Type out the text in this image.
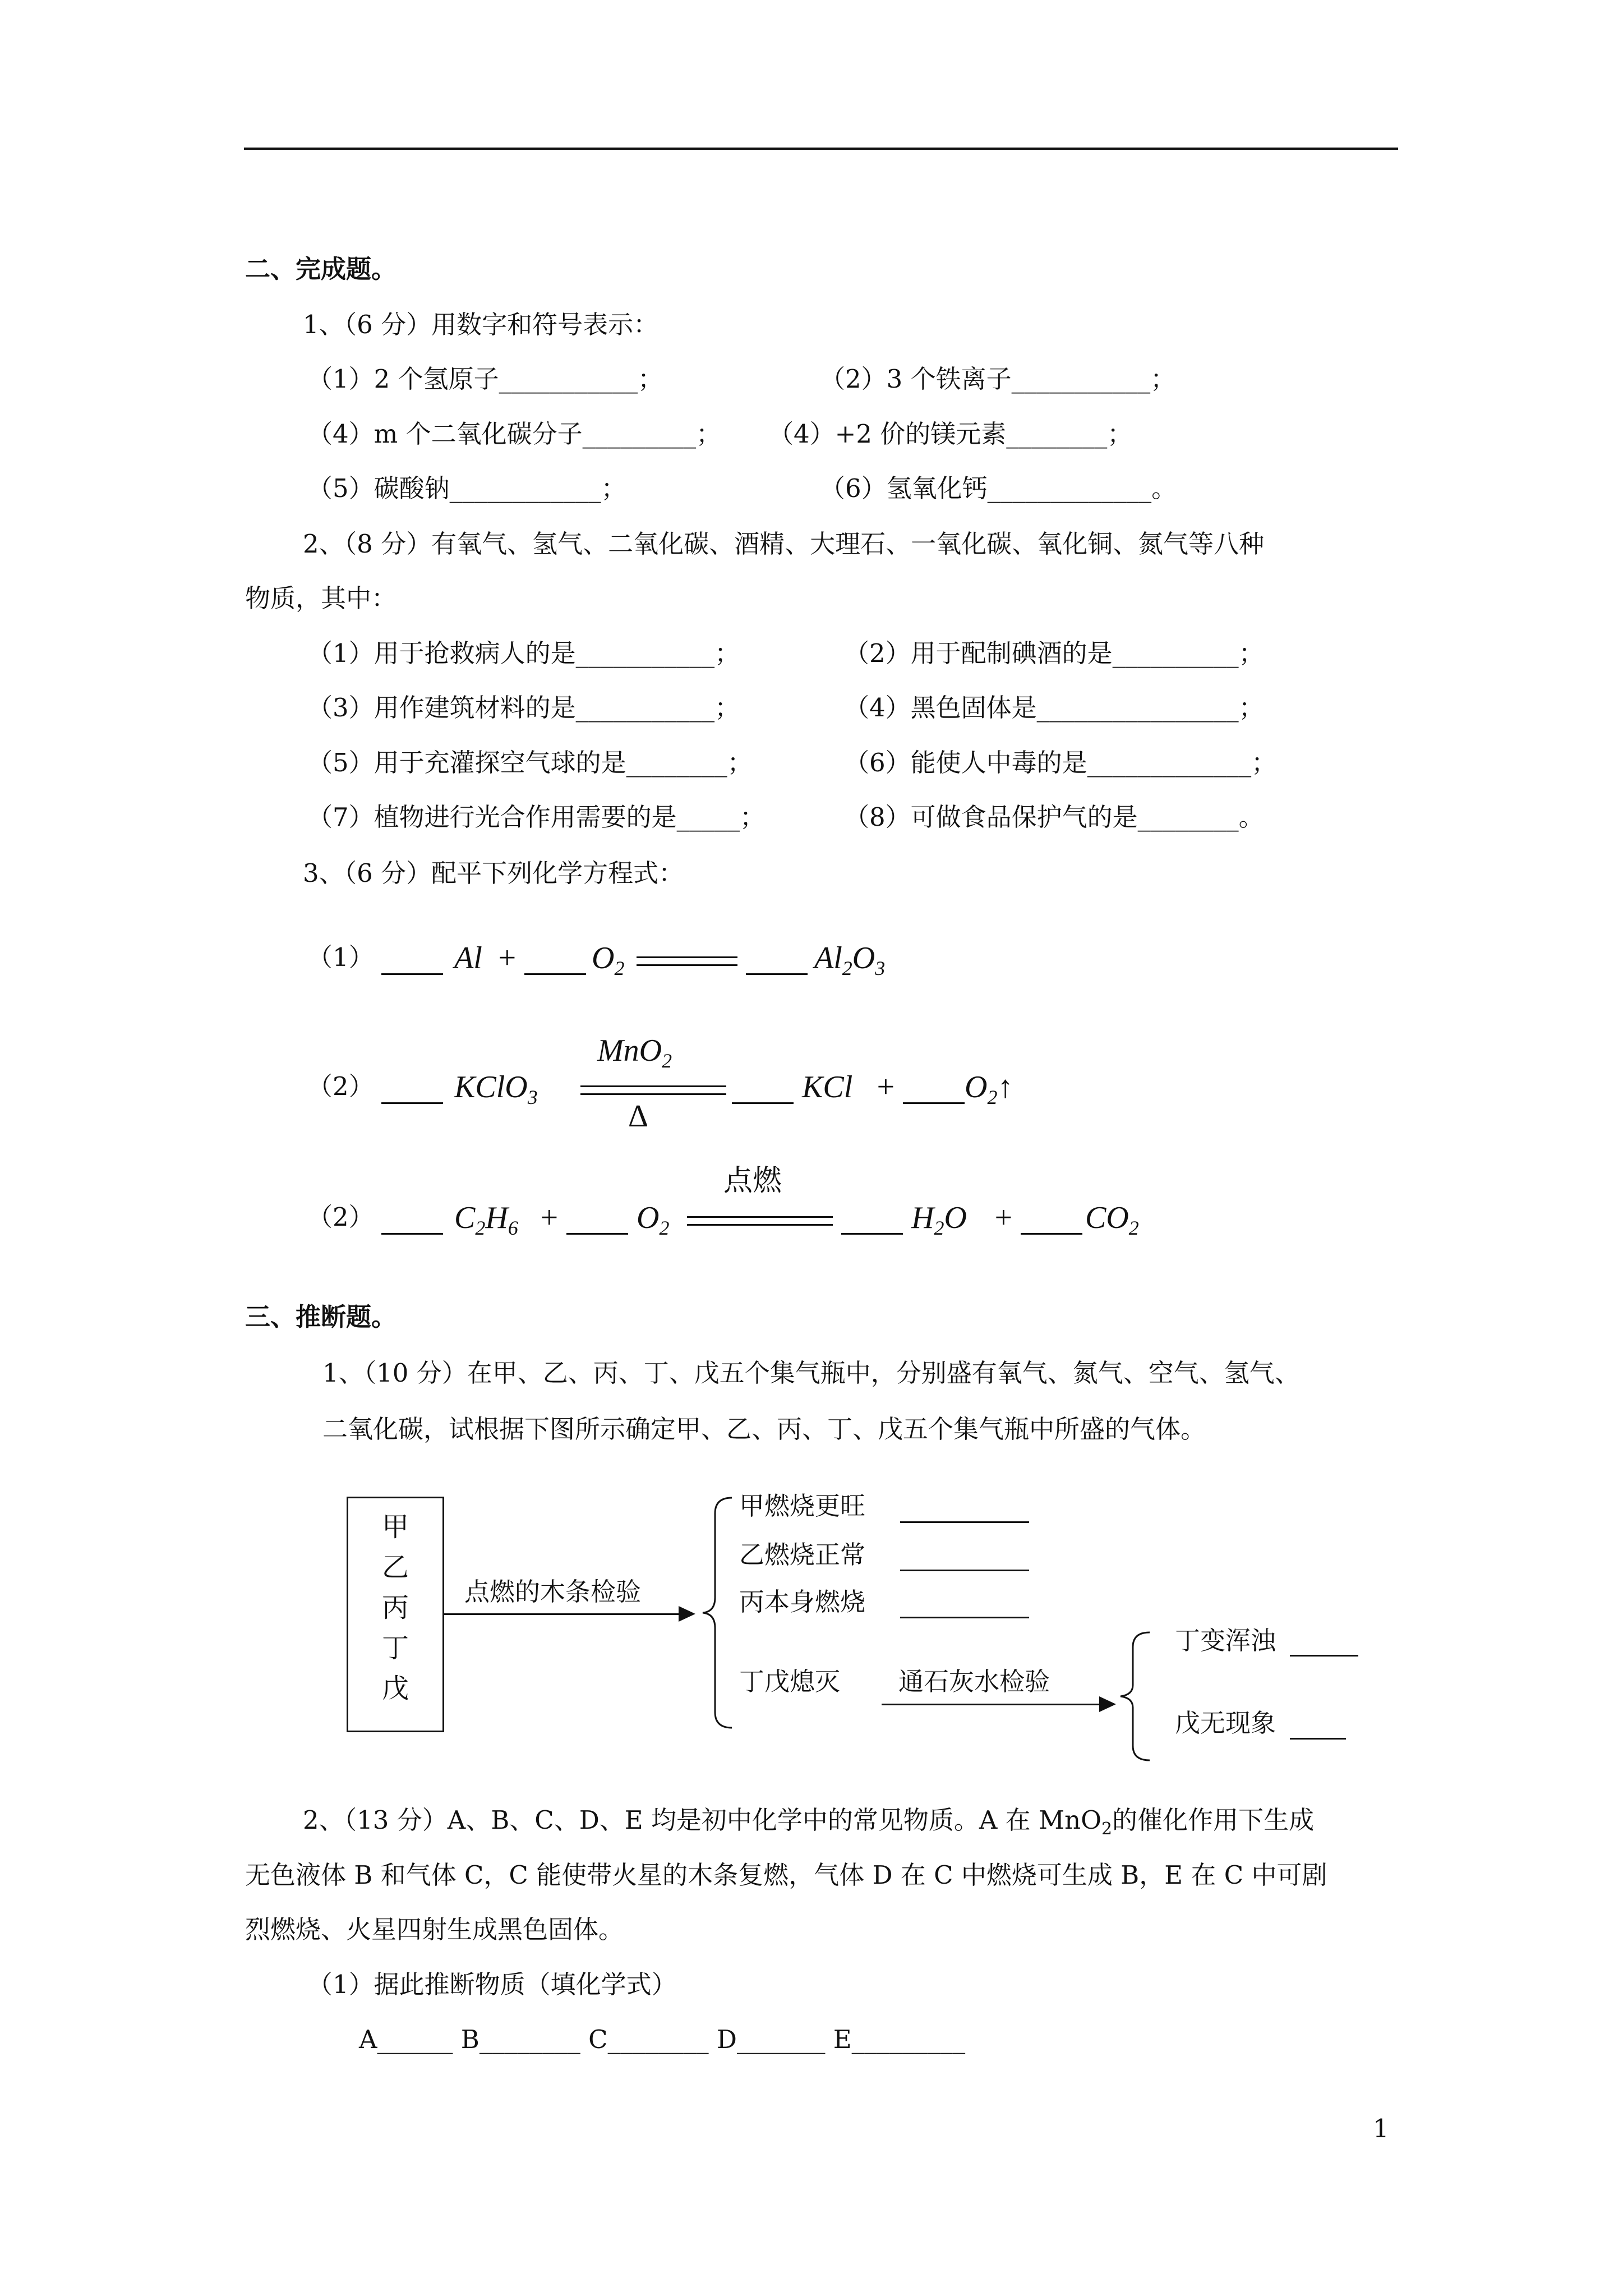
二、完成题。
1、（6 分）用数字和符号表示：
（1）2 个氢原子___________；	（2）3 个铁离子___________；
（4）m 个二氧化碳分子_________； （4）+2 价的镁元素________；
（5）碳酸钠____________；	（6）氢氧化钙_____________。
2、（8 分）有氧气、氢气、二氧化碳、酒精、大理石、一氧化碳、氧化铜、氮气等八种
物质，其中：
（1）用于抢救病人的是___________；	（2）用于配制碘酒的是__________；
（3）用作建筑材料的是___________；	（4）黑色固体是________________；
（5）用于充灌探空气球的是________；	（6）能使人中毒的是_____________；
（7）植物进行光合作用需要的是_____；	（8）可做食品保护气的是________。
3、（6 分）配平下列化学方程式：
（1）	$Al + O_2$	$Al_2O_3$
（2）	KClO$_3$
MnO$_2$
Δ
KCl + $O_2↑$
（2）	$C_2H_6 + O_2$
点燃
$H_2O + CO_2$
三、推断题。
1、（10 分）在甲、乙、丙、丁、戊五个集气瓶中，分别盛有氧气、氮气、空气、氢气、
二氧化碳，试根据下图所示确定甲、乙、丙、丁、戊五个集气瓶中所盛的气体。
甲
乙
丙
丁
戊
点燃的木条检验
甲燃烧更旺
乙燃烧正常
丙本身燃烧
丁戊熄灭 通石灰水检验
丁变浑浊
戊无现象
2、（13 分）A、B、C、D、E 均是初中化学中的常见物质。A 在 MnO$_2$的催化作用下生成
无色液体 B 和气体 C，C 能使带火星的木条复燃，气体 D 在 C 中燃烧可生成 B，E 在 C 中可剧
烈燃烧、火星四射生成黑色固体。
（1）据此推断物质（填化学式）
A______ B________ C________ D_______ E_________
1
